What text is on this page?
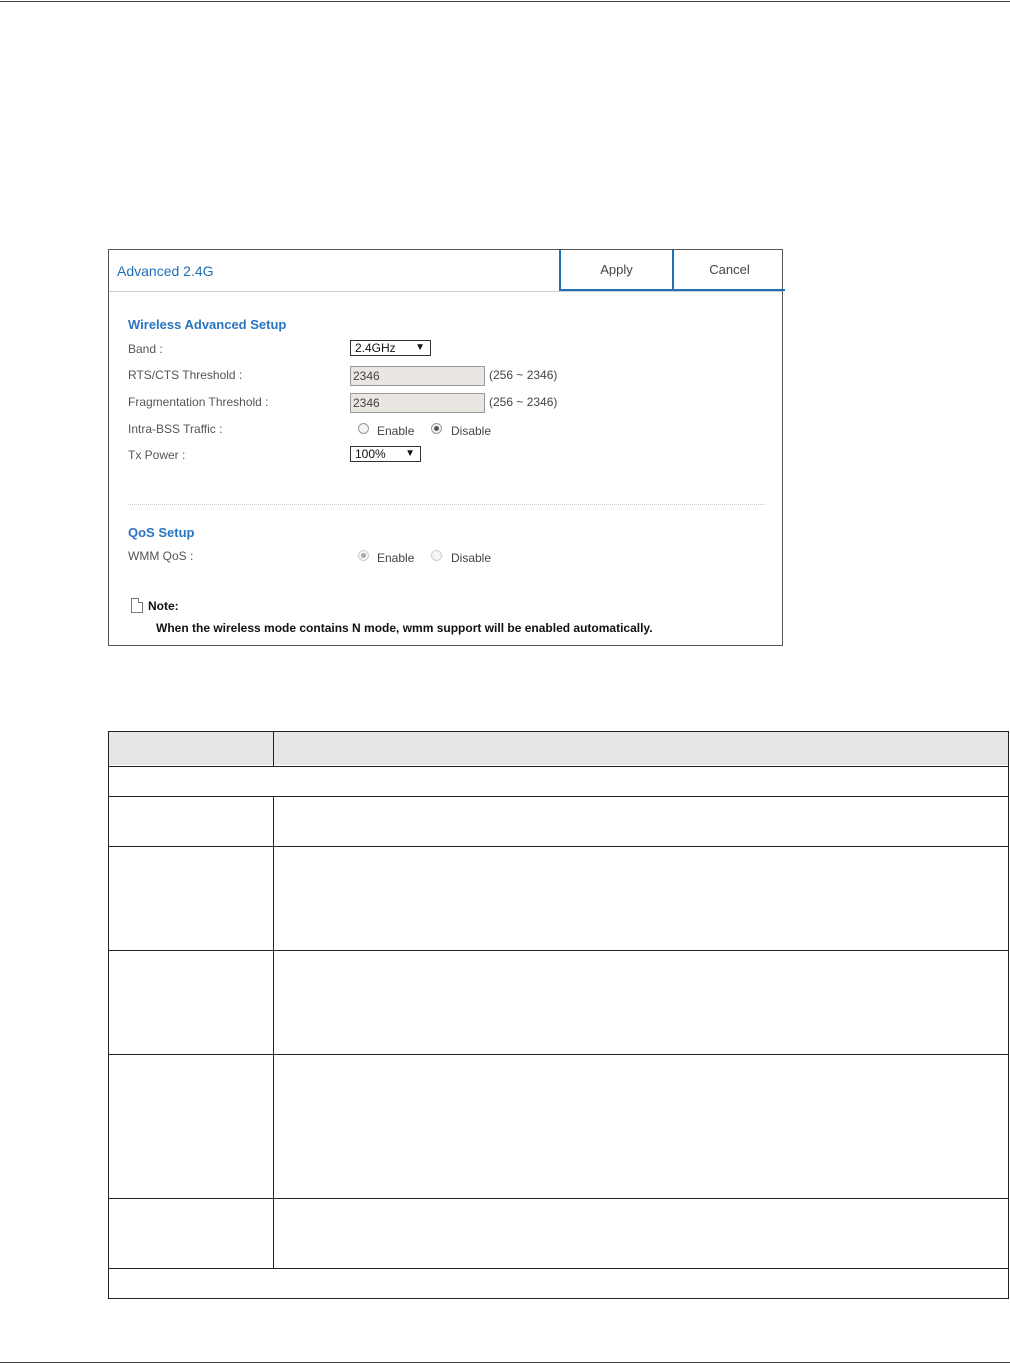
Advanced 2.4G	Apply	Cancel
Wireless Advanced Setup
Band :	2.4GHz ▼
RTS/CTS Threshold :	2346	(256 ~ 2346)
Fragmentation Threshold :	2346	(256 ~ 2346)
Intra-BSS Traffic :	Enable	Disable
Tx Power :	100% ▼
QoS Setup
WMM QoS :	Enable	Disable
Note:
When the wireless mode contains N mode, wmm support will be enabled automatically.
